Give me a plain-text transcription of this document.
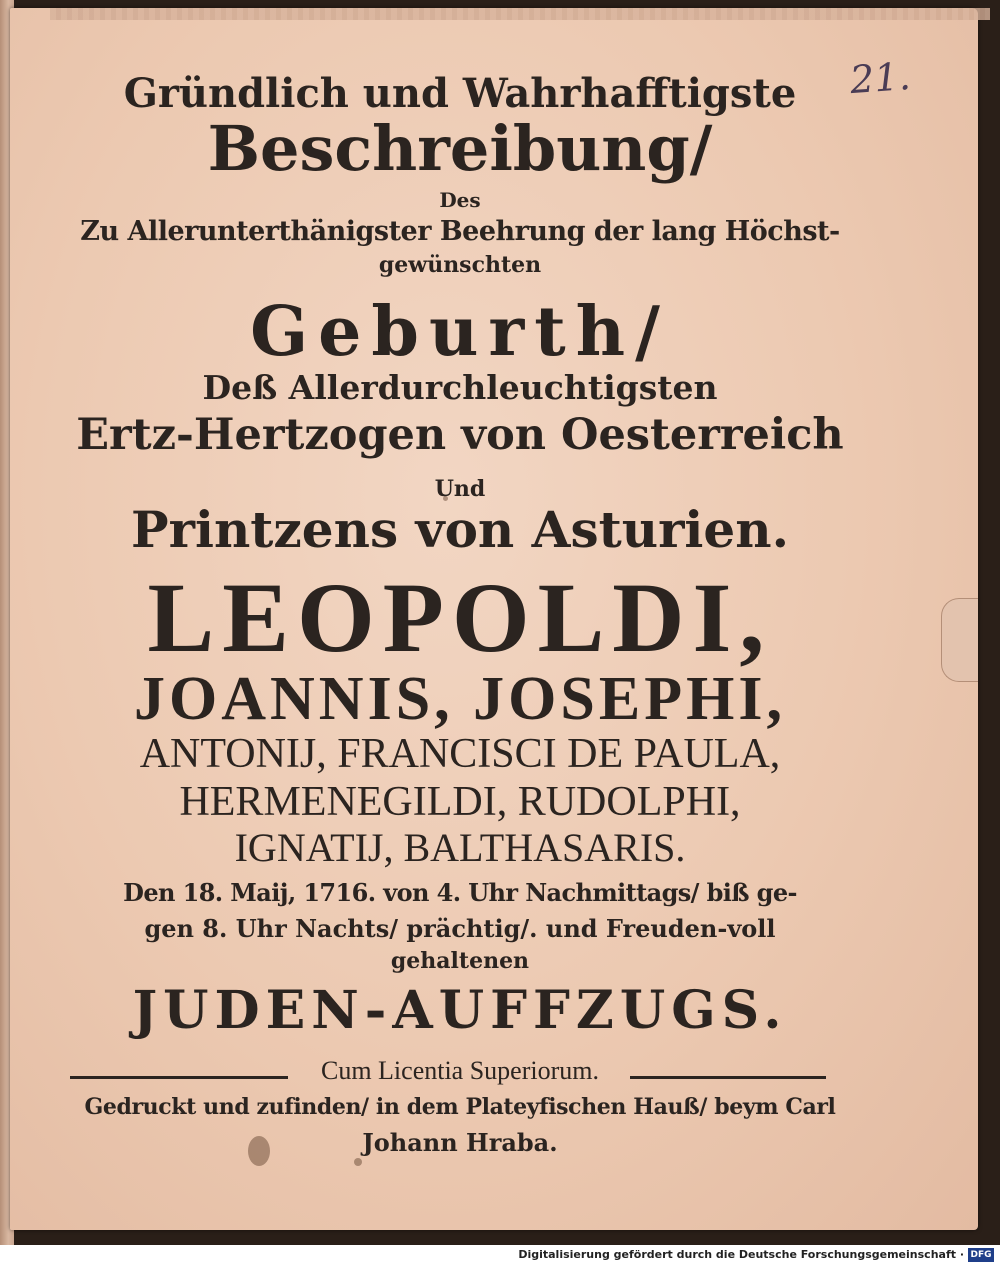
21.
Gründlich und Wahrhafftigste
Beschreibung/
Des
Zu Allerunterthänigster Beehrung der lang Höchst-
gewünschten
Geburth/
Deß Allerdurchleuchtigsten
Ertz-Hertzogen von Oesterreich
Und
Printzens von Asturien.
LEOPOLDI,
JOANNIS, JOSEPHI,
ANTONIJ, FRANCISCI DE PAULA,
HERMENEGILDI, RUDOLPHI,
IGNATIJ, BALTHASARIS.
Den 18. Maij, 1716. von 4. Uhr Nachmittags/ biß ge-
gen 8. Uhr Nachts/ prächtig/. und Freuden-voll
gehaltenen
JUDEN-AUFFZUGS.
Cum Licentia Superiorum.
Gedruckt und zufinden/ in dem Plateyfischen Hauß/ beym Carl
Johann Hraba.
Digitalisierung gefördert durch die Deutsche Forschungsgemeinschaft · DFG
